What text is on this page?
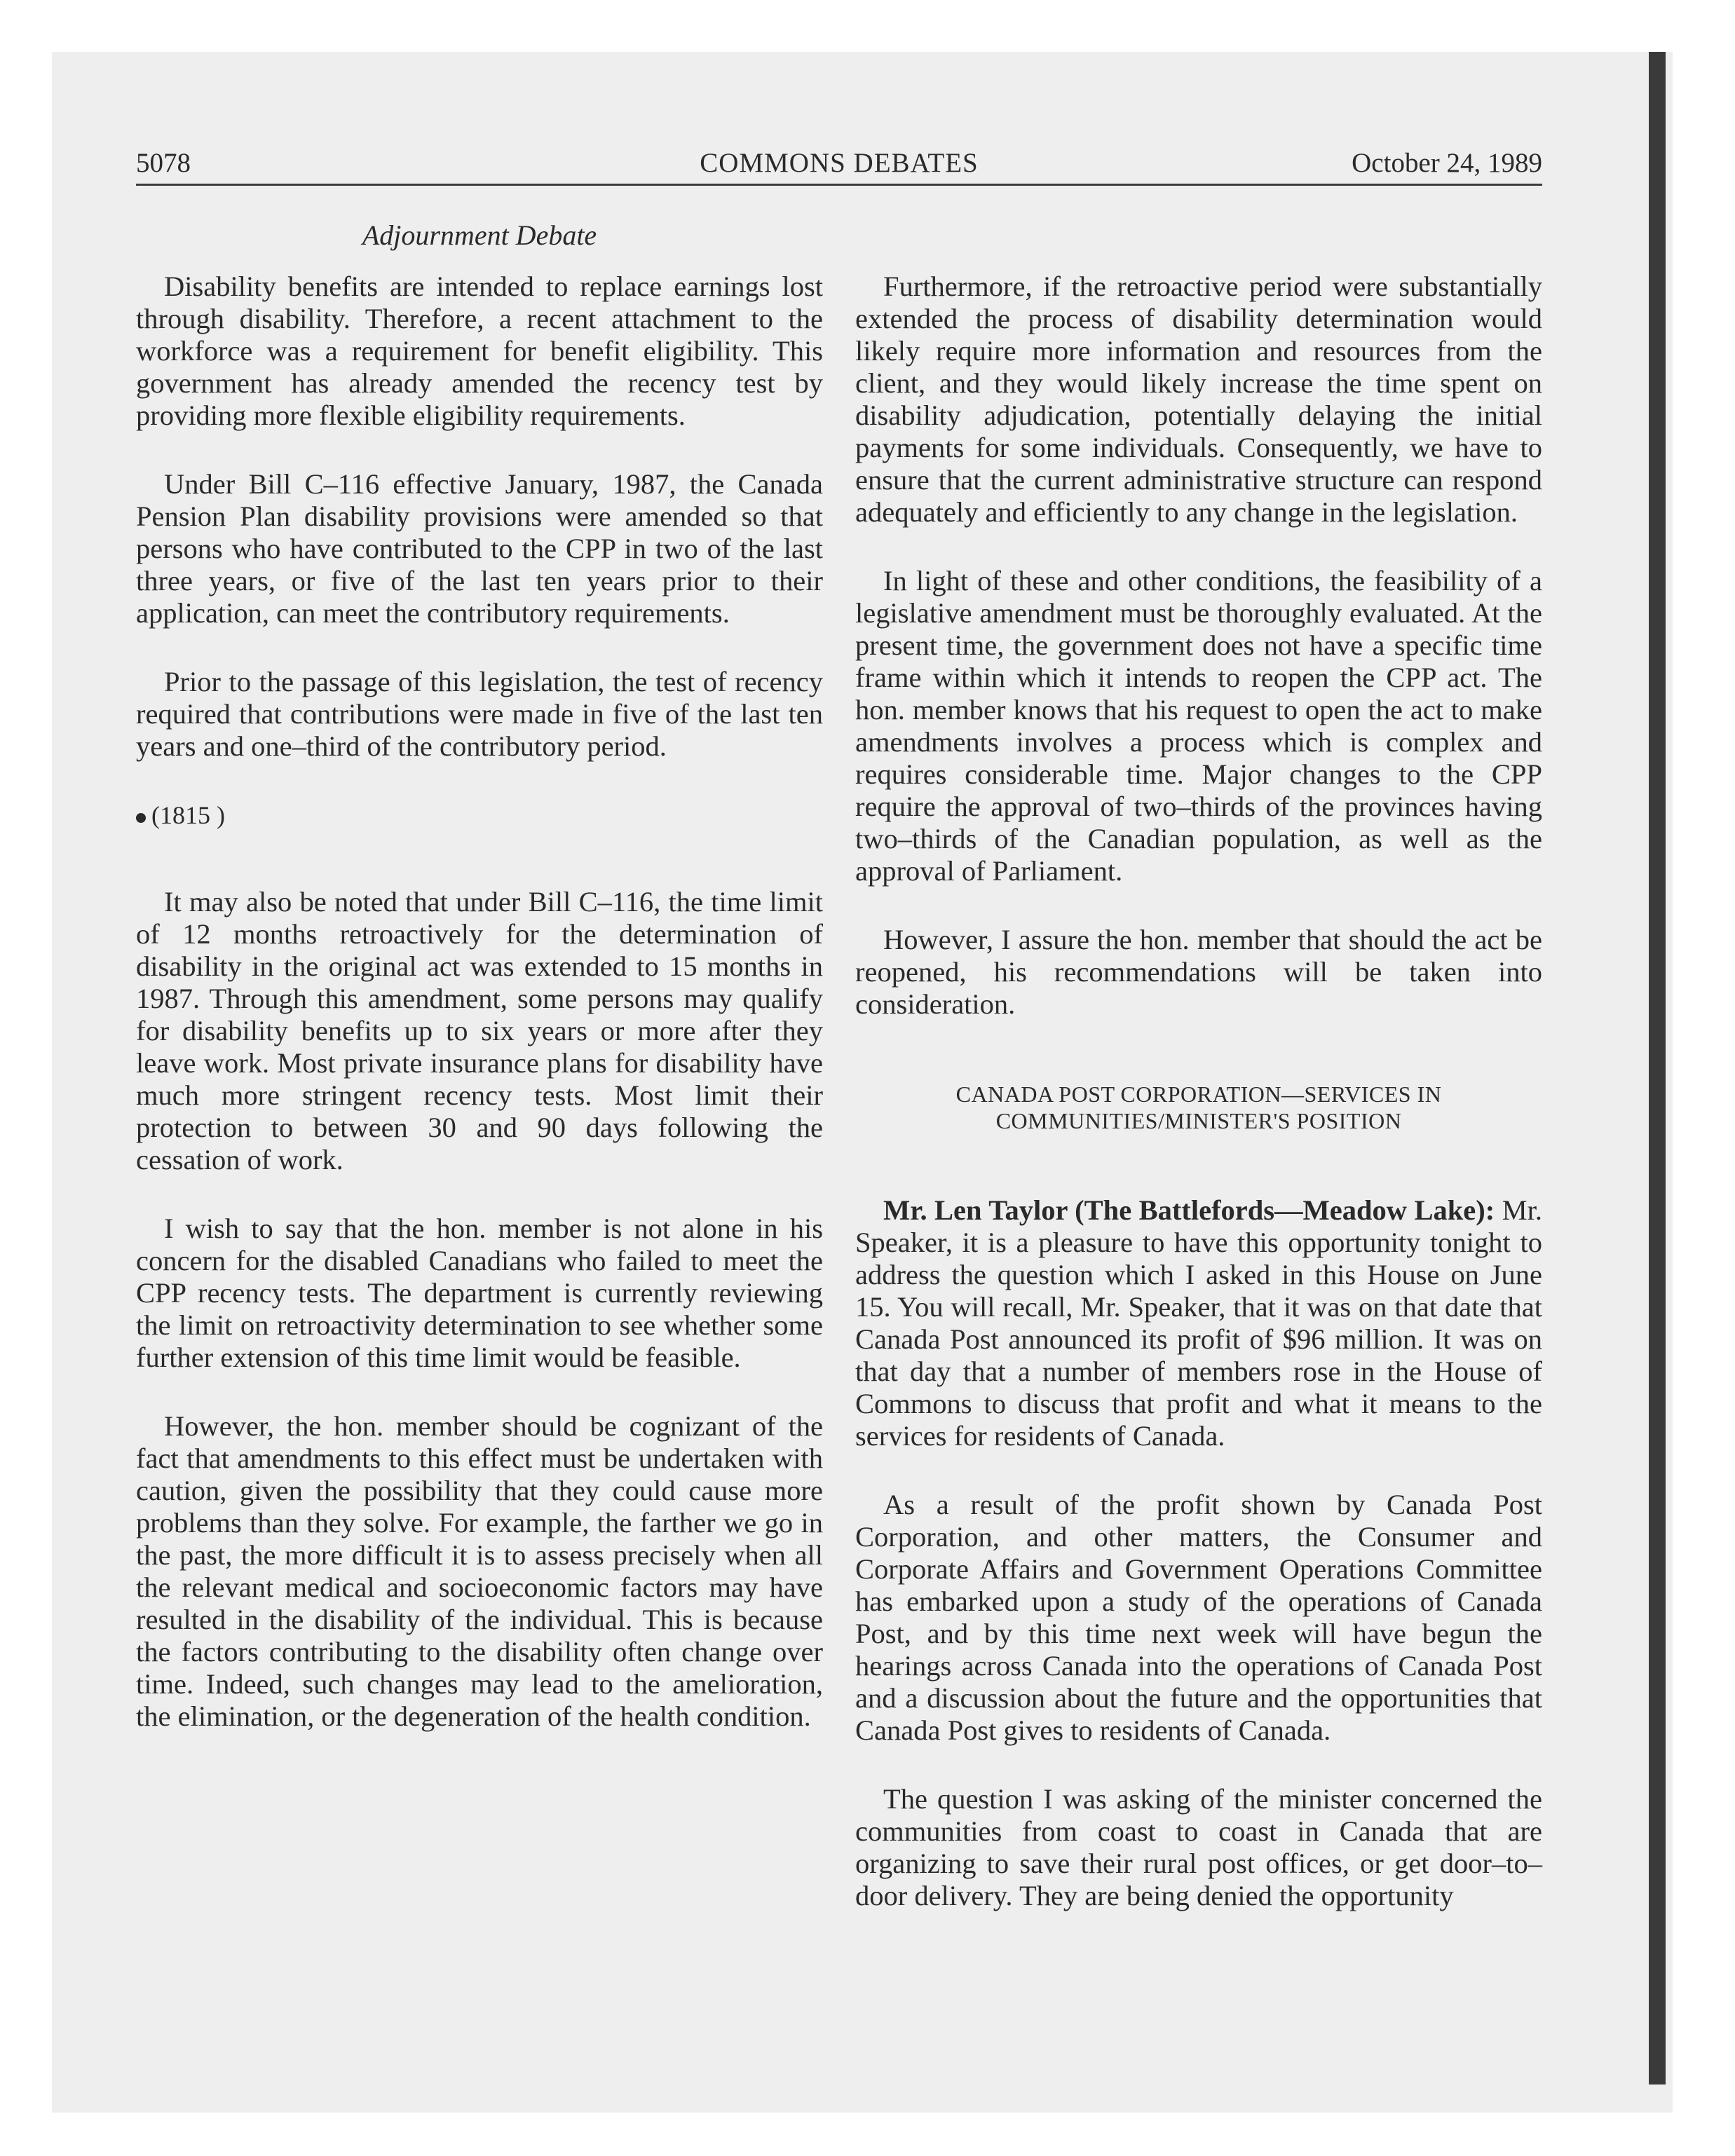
5078	COMMONS DEBATES	October 24, 1989
Adjournment Debate

Disability benefits are intended to replace earnings lost through disability. Therefore, a recent attachment to the workforce was a requirement for benefit eligibility. This government has already amended the recency test by providing more flexible eligibility requirements.

Under Bill C–116 effective January, 1987, the Canada Pension Plan disability provisions were amended so that persons who have contributed to the CPP in two of the last three years, or five of the last ten years prior to their application, can meet the contributory requirements.

Prior to the passage of this legislation, the test of recency required that contributions were made in five of the last ten years and one–third of the contributory period.

(1815 )

It may also be noted that under Bill C–116, the time limit of 12 months retroactively for the determination of disability in the original act was extended to 15 months in 1987. Through this amendment, some persons may qualify for disability benefits up to six years or more after they leave work. Most private insurance plans for disability have much more stringent recency tests. Most limit their protection to between 30 and 90 days following the cessation of work.

I wish to say that the hon. member is not alone in his concern for the disabled Canadians who failed to meet the CPP recency tests. The department is currently reviewing the limit on retroactivity determination to see whether some further extension of this time limit would be feasible.

However, the hon. member should be cognizant of the fact that amendments to this effect must be undertaken with caution, given the possibility that they could cause more problems than they solve. For example, the farther we go in the past, the more difficult it is to assess precisely when all the relevant medical and socioeconomic factors may have resulted in the disability of the individual. This is because the factors contributing to the disability often change over time. Indeed, such changes may lead to the amelioration, the elimination, or the degeneration of the health condition.

Furthermore, if the retroactive period were substantially extended the process of disability determination would likely require more information and resources from the client, and they would likely increase the time spent on disability adjudication, potentially delaying the initial payments for some individuals. Consequently, we have to ensure that the current administrative structure can respond adequately and efficiently to any change in the legislation.

In light of these and other conditions, the feasibility of a legislative amendment must be thoroughly evaluated. At the present time, the government does not have a specific time frame within which it intends to reopen the CPP act. The hon. member knows that his request to open the act to make amendments involves a process which is complex and requires considerable time. Major changes to the CPP require the approval of two–thirds of the provinces having two–thirds of the Canadian population, as well as the approval of Parliament.

However, I assure the hon. member that should the act be reopened, his recommendations will be taken into consideration.

CANADA POST CORPORATION—SERVICES IN
COMMUNITIES/MINISTER'S POSITION

Mr. Len Taylor (The Battlefords—Meadow Lake): Mr. Speaker, it is a pleasure to have this opportunity tonight to address the question which I asked in this House on June 15. You will recall, Mr. Speaker, that it was on that date that Canada Post announced its profit of $96 million. It was on that day that a number of members rose in the House of Commons to discuss that profit and what it means to the services for residents of Canada.

As a result of the profit shown by Canada Post Corporation, and other matters, the Consumer and Corporate Affairs and Government Operations Committee has embarked upon a study of the operations of Canada Post, and by this time next week will have begun the hearings across Canada into the operations of Canada Post and a discussion about the future and the opportunities that Canada Post gives to residents of Canada.

The question I was asking of the minister concerned the communities from coast to coast in Canada that are organizing to save their rural post offices, or get door–to–door delivery. They are being denied the opportunity
